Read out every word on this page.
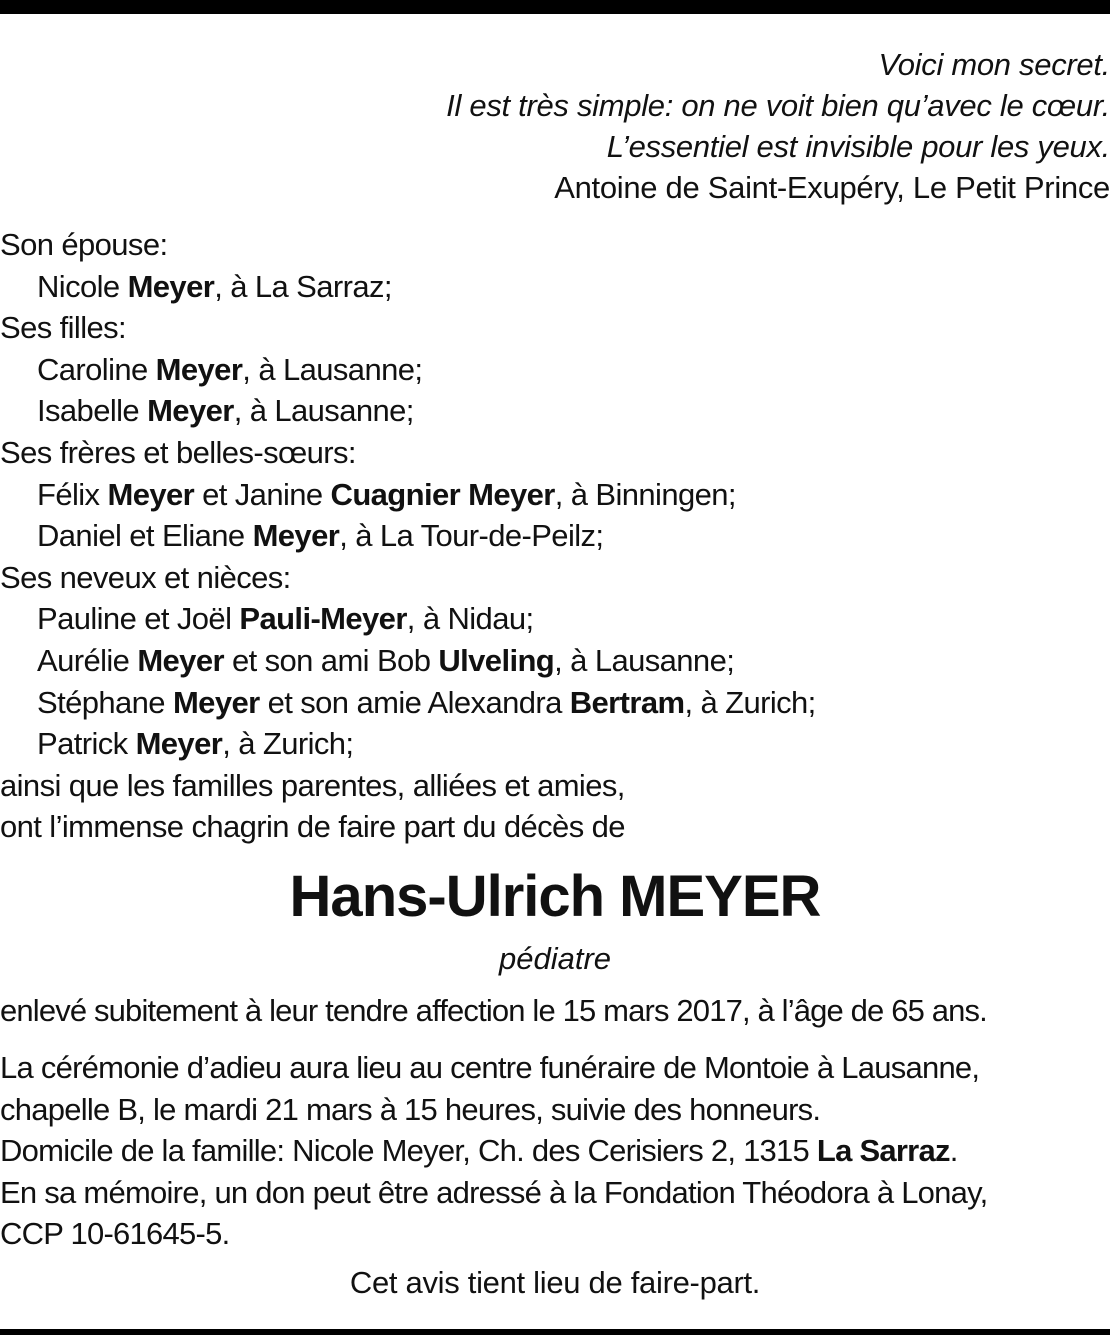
Voici mon secret.
Il est très simple: on ne voit bien qu’avec le cœur.
L’essentiel est invisible pour les yeux.
Antoine de Saint-Exupéry, Le Petit Prince
Son épouse:
Nicole Meyer, à La Sarraz;
Ses filles:
Caroline Meyer, à Lausanne;
Isabelle Meyer, à Lausanne;
Ses frères et belles-sœurs:
Félix Meyer et Janine Cuagnier Meyer, à Binningen;
Daniel et Eliane Meyer, à La Tour-de-Peilz;
Ses neveux et nièces:
Pauline et Joël Pauli-Meyer, à Nidau;
Aurélie Meyer et son ami Bob Ulveling, à Lausanne;
Stéphane Meyer et son amie Alexandra Bertram, à Zurich;
Patrick Meyer, à Zurich;
ainsi que les familles parentes, alliées et amies,
ont l’immense chagrin de faire part du décès de
Hans-Ulrich MEYER
pédiatre
enlevé subitement à leur tendre affection le 15 mars 2017, à l’âge de 65 ans.
La cérémonie d’adieu aura lieu au centre funéraire de Montoie à Lausanne,
chapelle B, le mardi 21 mars à 15 heures, suivie des honneurs.
Domicile de la famille: Nicole Meyer, Ch. des Cerisiers 2, 1315 La Sarraz.
En sa mémoire, un don peut être adressé à la Fondation Théodora à Lonay,
CCP 10-61645-5.
Cet avis tient lieu de faire-part.
